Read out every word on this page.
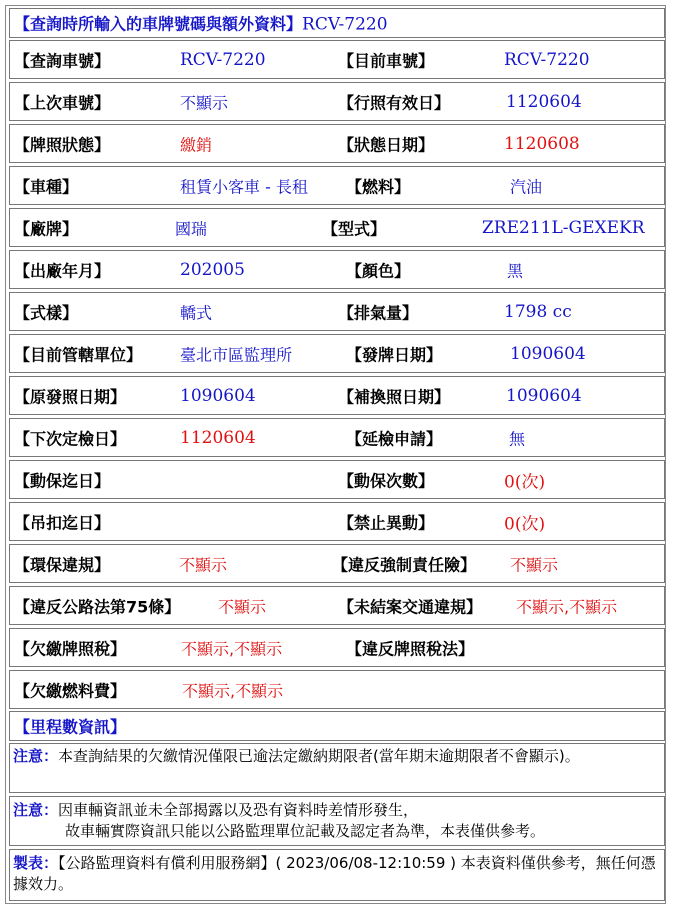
【查詢時所輸入的車牌號碼與額外資料】RCV-7220
【查詢車號】	RCV-7220	【目前車號】	RCV-7220
【上次車號】	不顯示	【行照有效日】	1120604
【牌照狀態】	繳銷	【狀態日期】	1120608
【車種】	租賃小客車 - 長租 【燃料】	汽油
【廠牌】	國瑞	【型式】	ZRE211L-GEXEKR
【出廠年月】	202005	【顏色】	黑
【式樣】	轎式	【排氣量】	1798 cc
【目前管轄單位】 臺北市區監理所	【發牌日期】	1090604
【原發照日期】	1090604	【補換照日期】	1090604
【下次定檢日】	1120604	【延檢申請】	無
【動保迄日】	【動保次數】	0(次)
【吊扣迄日】	【禁止異動】	0(次)
【環保違規】	不顯示	【違反強制責任險】 不顯示
【違反公路法第75條】 不顯示	【未結案交通違規】 不顯示,不顯示
【欠繳牌照稅】	不顯示,不顯示	【違反牌照稅法】
【欠繳燃料費】	不顯示,不顯示
【里程數資訊】
注意：本查詢結果的欠繳情況僅限已逾法定繳納期限者(當年期末逾期限者不會顯示)。
注意：因車輛資訊並未全部揭露以及恐有資料時差情形發生，
故車輛實際資訊只能以公路監理單位記載及認定者為準，本表僅供參考。
製表：【公路監理資料有償利用服務網】( 2023/06/08-12:10:59 ) 本表資料僅供參考，無任何憑據效力。
